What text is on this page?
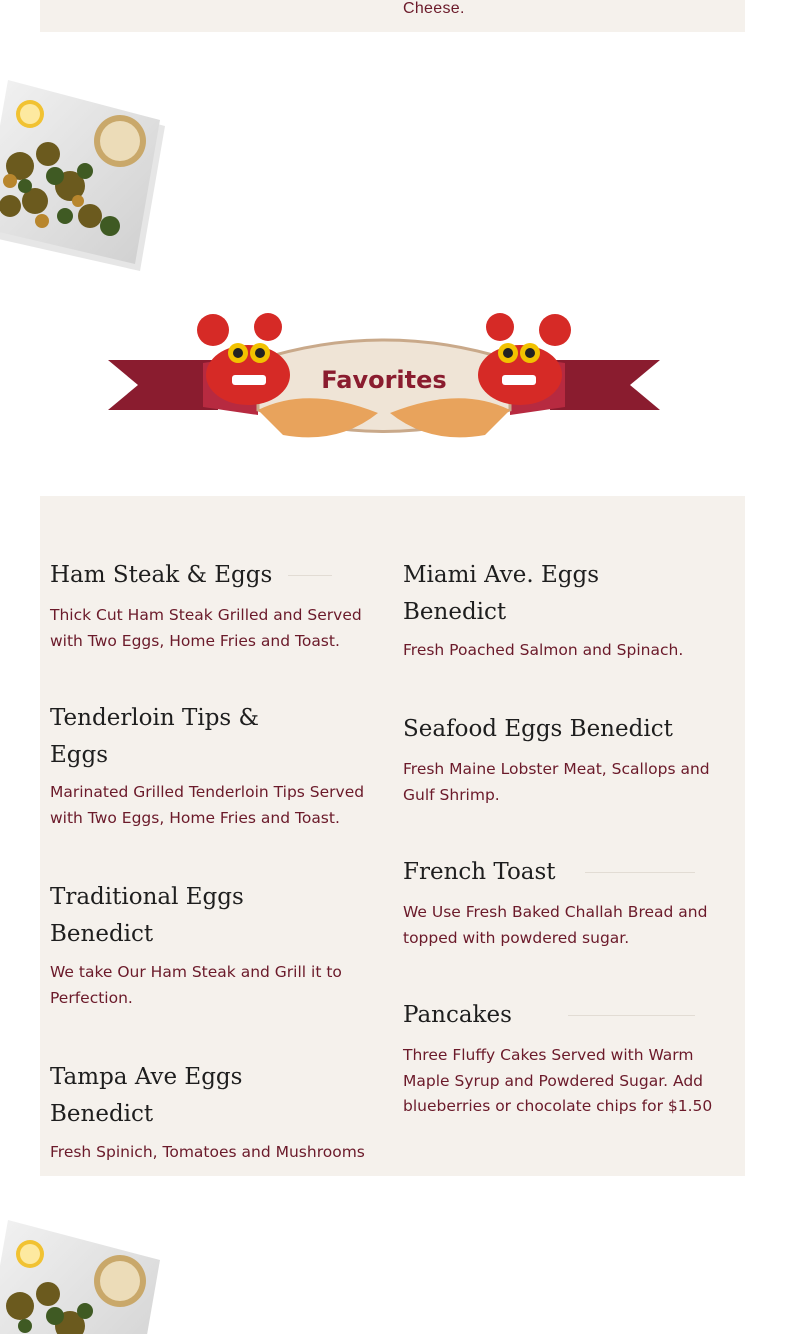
Cheese.
Favorites
Ham Steak & Eggs
Thick Cut Ham Steak Grilled and Served with Two Eggs, Home Fries and Toast.
Tenderloin Tips & Eggs
Marinated Grilled Tenderloin Tips Served with Two Eggs, Home Fries and Toast.
Traditional Eggs Benedict
We take Our Ham Steak and Grill it to Perfection.
Tampa Ave Eggs Benedict
Fresh Spinich, Tomatoes and Mushrooms
Miami Ave. Eggs Benedict
Fresh Poached Salmon and Spinach.
Seafood Eggs Benedict
Fresh Maine Lobster Meat, Scallops and Gulf Shrimp.
French Toast
We Use Fresh Baked Challah Bread and topped with powdered sugar.
Pancakes
Three Fluffy Cakes Served with Warm Maple Syrup and Powdered Sugar. Add blueberries or chocolate chips for $1.50
